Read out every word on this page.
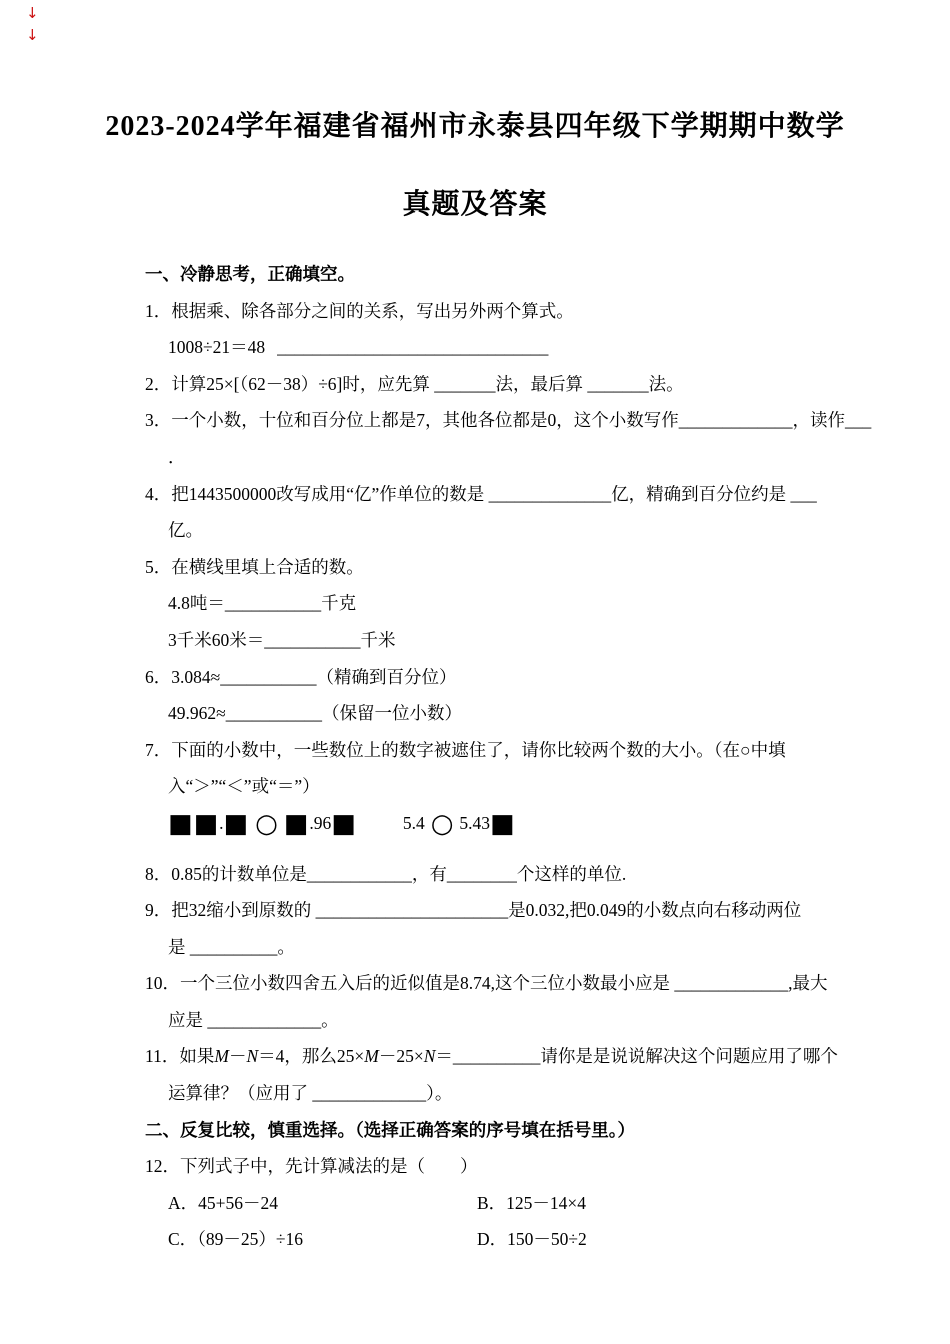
↓
↓
2023-2024学年福建省福州市永泰县四年级下学期期中数学
真题及答案
一、冷静思考，正确填空。
1．根据乘、除各部分之间的关系，写出另外两个算式。
1008÷21＝48 _______________________________
2．计算25×[（62－38）÷6]时，应先算 _______法，最后算 _______法。
3．一个小数，十位和百分位上都是7，其他各位都是0，这个小数写作_____________，读作___
．
4．把1443500000改写成用“亿”作单位的数是 ______________亿，精确到百分位约是 ___
亿。
5．在横线里填上合适的数。
4.8吨＝___________千克
3千米60米＝___________千米
6．3.084≈___________（精确到百分位）
49.962≈___________（保留一位小数）
7．下面的小数中，一些数位上的数字被遮住了，请你比较两个数的大小。（在○中填
入“＞”“＜”或“＝”）
■■.■ ○ ■.96■	5.4 ○ 5.43■
8．0.85的计数单位是____________，有________个这样的单位.
9．把32缩小到原数的 ______________________是0.032,把0.049的小数点向右移动两位
是 __________。
10．一个三位小数四舍五入后的近似值是8.74,这个三位小数最小应是 _____________,最大
应是 _____________。
11．如果M－N＝4，那么25×M－25×N＝__________请你是是说说解决这个问题应用了哪个
运算律？（应用了 _____________）。
二、反复比较，慎重选择。（选择正确答案的序号填在括号里。）
12．下列式子中，先计算减法的是（　　）
A．45+56－24	B．125－14×4
C．（89－25）÷16	D．150－50÷2
